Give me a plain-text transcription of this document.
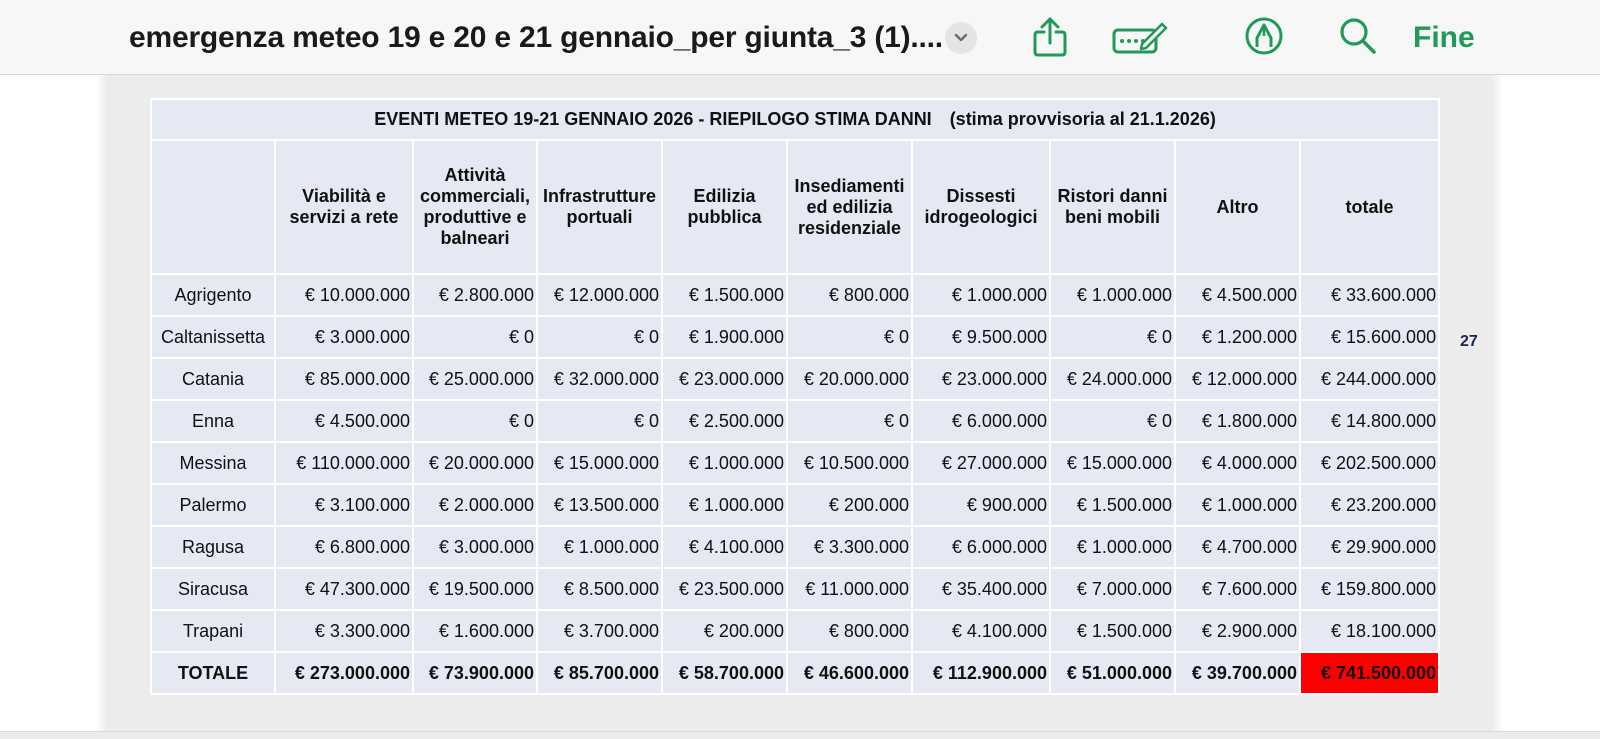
emergenza meteo 19 e 20 e 21 gennaio_per giunta_3 (1)....	Fine
EVENTI METEO 19-21 GENNAIO 2026 - RIEPILOGO STIMA DANNI (stima provvisoria al 21.1.2026)									
	Viabilità e servizi a rete	Attività commerciali, produttive e balneari	Infrastrutture portuali	Edilizia pubblica	Insediamenti ed edilizia residenziale	Dissesti idrogeologici	Ristori danni beni mobili	Altro	totale
Agrigento	€ 10.000.000	€ 2.800.000	€ 12.000.000	€ 1.500.000	€ 800.000	€ 1.000.000	€ 1.000.000	€ 4.500.000	€ 33.600.000
Caltanissetta	€ 3.000.000	€ 0	€ 0	€ 1.900.000	€ 0	€ 9.500.000	€ 0	€ 1.200.000	€ 15.600.000
Catania	€ 85.000.000	€ 25.000.000	€ 32.000.000	€ 23.000.000	€ 20.000.000	€ 23.000.000	€ 24.000.000	€ 12.000.000	€ 244.000.000
Enna	€ 4.500.000	€ 0	€ 0	€ 2.500.000	€ 0	€ 6.000.000	€ 0	€ 1.800.000	€ 14.800.000
Messina	€ 110.000.000	€ 20.000.000	€ 15.000.000	€ 1.000.000	€ 10.500.000	€ 27.000.000	€ 15.000.000	€ 4.000.000	€ 202.500.000
Palermo	€ 3.100.000	€ 2.000.000	€ 13.500.000	€ 1.000.000	€ 200.000	€ 900.000	€ 1.500.000	€ 1.000.000	€ 23.200.000
Ragusa	€ 6.800.000	€ 3.000.000	€ 1.000.000	€ 4.100.000	€ 3.300.000	€ 6.000.000	€ 1.000.000	€ 4.700.000	€ 29.900.000
Siracusa	€ 47.300.000	€ 19.500.000	€ 8.500.000	€ 23.500.000	€ 11.000.000	€ 35.400.000	€ 7.000.000	€ 7.600.000	€ 159.800.000
Trapani	€ 3.300.000	€ 1.600.000	€ 3.700.000	€ 200.000	€ 800.000	€ 4.100.000	€ 1.500.000	€ 2.900.000	€ 18.100.000
TOTALE	€ 273.000.000	€ 73.900.000	€ 85.700.000	€ 58.700.000	€ 46.600.000	€ 112.900.000	€ 51.000.000	€ 39.700.000	€ 741.500.000
27
